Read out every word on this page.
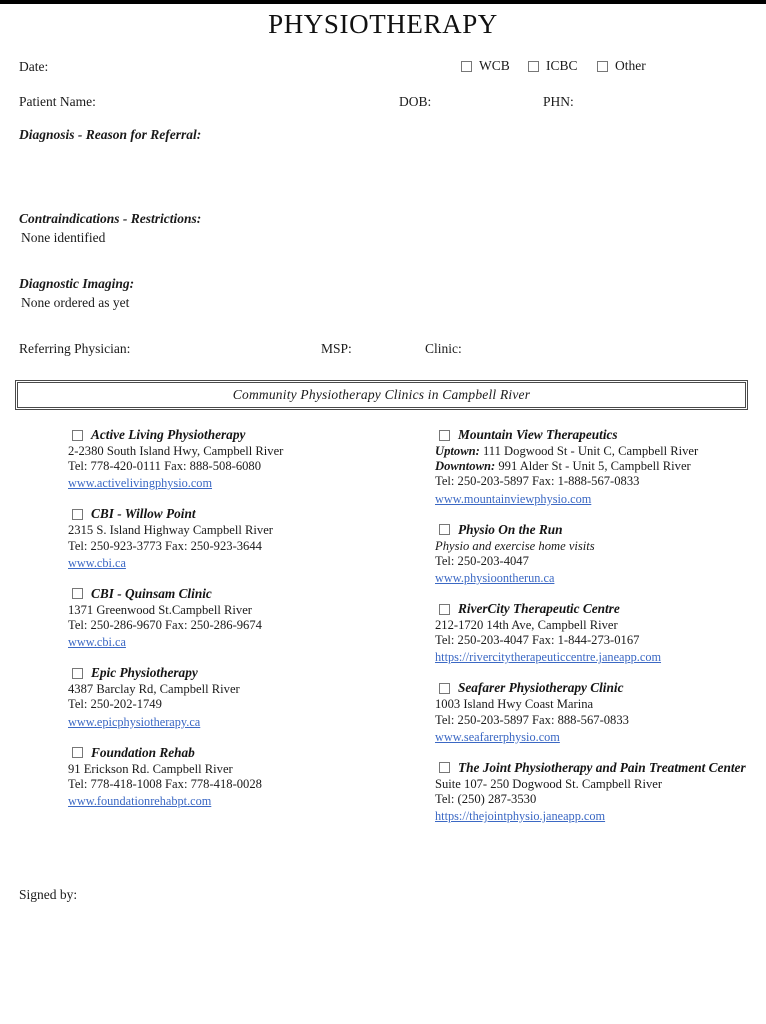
PHYSIOTHERAPY
Date:	WCB	ICBC	Other
Patient Name:	DOB:	PHN:
Diagnosis - Reason for Referral:
Contraindications - Restrictions:
None identified
Diagnostic Imaging:
None ordered as yet
Referring Physician:	MSP:	Clinic:
Community Physiotherapy Clinics in Campbell River
Active Living Physiotherapy
2-2380 South Island Hwy, Campbell River
Tel: 778-420-0111 Fax: 888-508-6080
www.activelivingphysio.com
CBI - Willow Point
2315 S. Island Highway Campbell River
Tel: 250-923-3773 Fax: 250-923-3644
www.cbi.ca
CBI - Quinsam Clinic
1371 Greenwood St.Campbell River
Tel: 250-286-9670 Fax: 250-286-9674
www.cbi.ca
Epic Physiotherapy
4387 Barclay Rd, Campbell River
Tel: 250-202-1749
www.epicphysiotherapy.ca
Foundation Rehab
91 Erickson Rd. Campbell River
Tel: 778-418-1008 Fax: 778-418-0028
www.foundationrehabpt.com
Mountain View Therapeutics
Uptown: 111 Dogwood St - Unit C, Campbell River
Downtown: 991 Alder St - Unit 5, Campbell River
Tel: 250-203-5897 Fax: 1-888-567-0833
www.mountainviewphysio.com
Physio On the Run
Physio and exercise home visits
Tel: 250-203-4047
www.physioontherun.ca
RiverCity Therapeutic Centre
212-1720 14th Ave, Campbell River
Tel: 250-203-4047 Fax: 1-844-273-0167
https://rivercitytherapeuticcentre.janeapp.com
Seafarer Physiotherapy Clinic
1003 Island Hwy Coast Marina
Tel: 250-203-5897 Fax: 888-567-0833
www.seafarerphysio.com
The Joint Physiotherapy and Pain Treatment Center
Suite 107- 250 Dogwood St. Campbell River
Tel: (250) 287-3530
https://thejointphysio.janeapp.com
Signed by:
